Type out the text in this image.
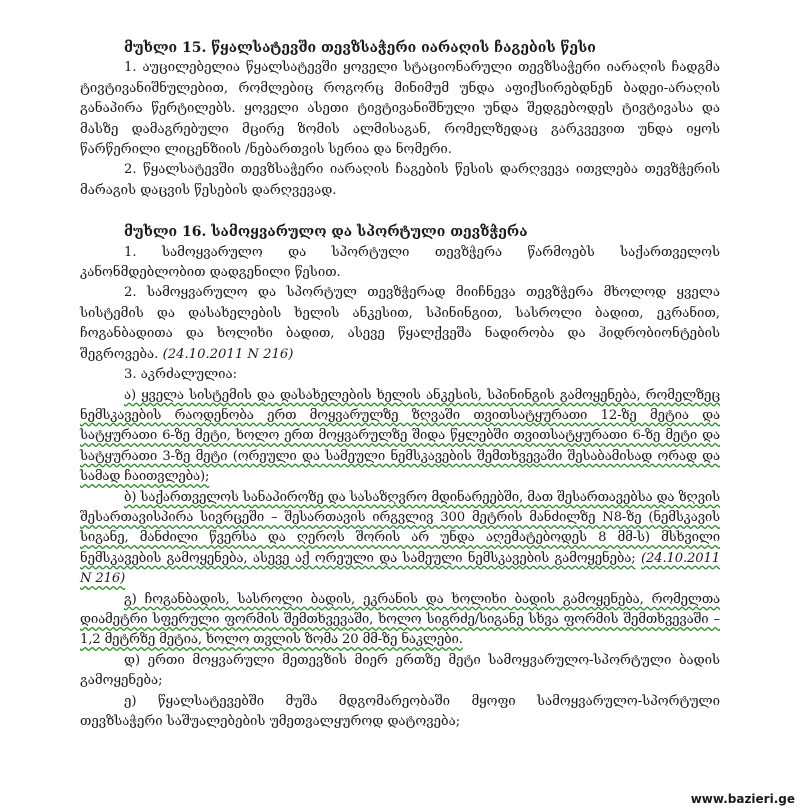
მუხლი 15. წყალსატევში თევზსაჭერი იარაღის ჩაგების წესი

1. აუცილებელია წყალსატევში ყოველი სტაციონარული თევზსაჭერი იარაღის ჩადგმა ტივტივანიშნულებით, რომლებიც როგორც მინიმუმ უნდა აფიქსირებდნენ ბადეი-არაღის განაპირა წერტილებს. ყოველი ასეთი ტივტივანიშნული უნდა შედგებოდეს ტივტივასა და მასზე დამაგრებული მცირე ზომის ალმისაგან, რომელზედაც გარკვევით უნდა იყოს წარწერილი ლიცენზიის /ნებართვის სერია და ნომერი.

2. წყალსატევში თევზსაჭერი იარაღის ჩაგების წესის დარღვევა ითვლება თევზჭერის მარაგის დაცვის წესების დარღვევად.

მუხლი 16. სამოყვარულო და სპორტული თევზჭერა

1. სამოყვარულო და სპორტული თევზჭერა წარმოებს საქართველოს კანონმდებლობით დადგენილი წესით.

2. სამოყვარულო და სპორტულ თევზჭერად მიიჩნევა თევზჭერა მხოლოდ ყველა სისტემის და დასახელების ხელის ანკესით, სპინინგით, სასროლი ბადით, ეკრანით, ჩოგანბადითა და ხოლიხი ბადით, ასევე წყალქვეშა ნადირობა და ჰიდრობიონტების შეგროვება. (24.10.2011 N 216)

3. აკრძალულია:

ა) ყველა სისტემის და დასახელების ხელის ანკესის, სპინინგის გამოყენება, რომელზეც ნემსკავების რაოდენობა ერთ მოყვარულზე ზღვაში თვითსატყურათი 12-ზე მეტია და სატყურათი 6-ზე მეტი, ხოლო ერთ მოყვარულზე შიდა წყლებში თვითსატყურათი 6-ზე მეტი და სატყურათი 3-ზე მეტი (ორეული და სამეული ნემსკავების შემთხვევაში შესაბამისად ორად და სამად ჩაითვლება);

ბ) საქართველოს სანაპიროზე და სასაზღვრო მდინარეებში, მათ შესართავებსა და ზღვის შესართავისპირა სივრცეში – შესართავის ირგვლივ 300 მეტრის მანძილზე N8-ზე (ნემსკავის სიგანე, მანძილი წვერსა და ღეროს შორის არ უნდა აღემატებოდეს 8 მმ-ს) მსხვილი ნემსკავების გამოყენება, ასევე აქ ორეული და სამეული ნემსკავების გამოყენება; (24.10.2011 N 216)

გ) ჩოგანბადის, სასროლი ბადის, ეკრანის და ხოლიხი ბადის გამოყენება, რომელთა დიამეტრი სფერული ფორმის შემთხვევაში, ხოლო სიგრძე/სიგანე სხვა ფორმის შემთხვევაში – 1,2 მეტრზე მეტია, ხოლო თვლის ზომა 20 მმ-ზე ნაკლები.

დ) ერთი მოყვარული მეთევზის მიერ ერთზე მეტი სამოყვარულო-სპორტული ბადის გამოყენება;

ე) წყალსატევებში მუშა მდგომარეობაში მყოფი სამოყვარულო-სპორტული თევზსაჭერი საშუალებების უმეთვალყუროდ დატოვება;

www.bazieri.ge
